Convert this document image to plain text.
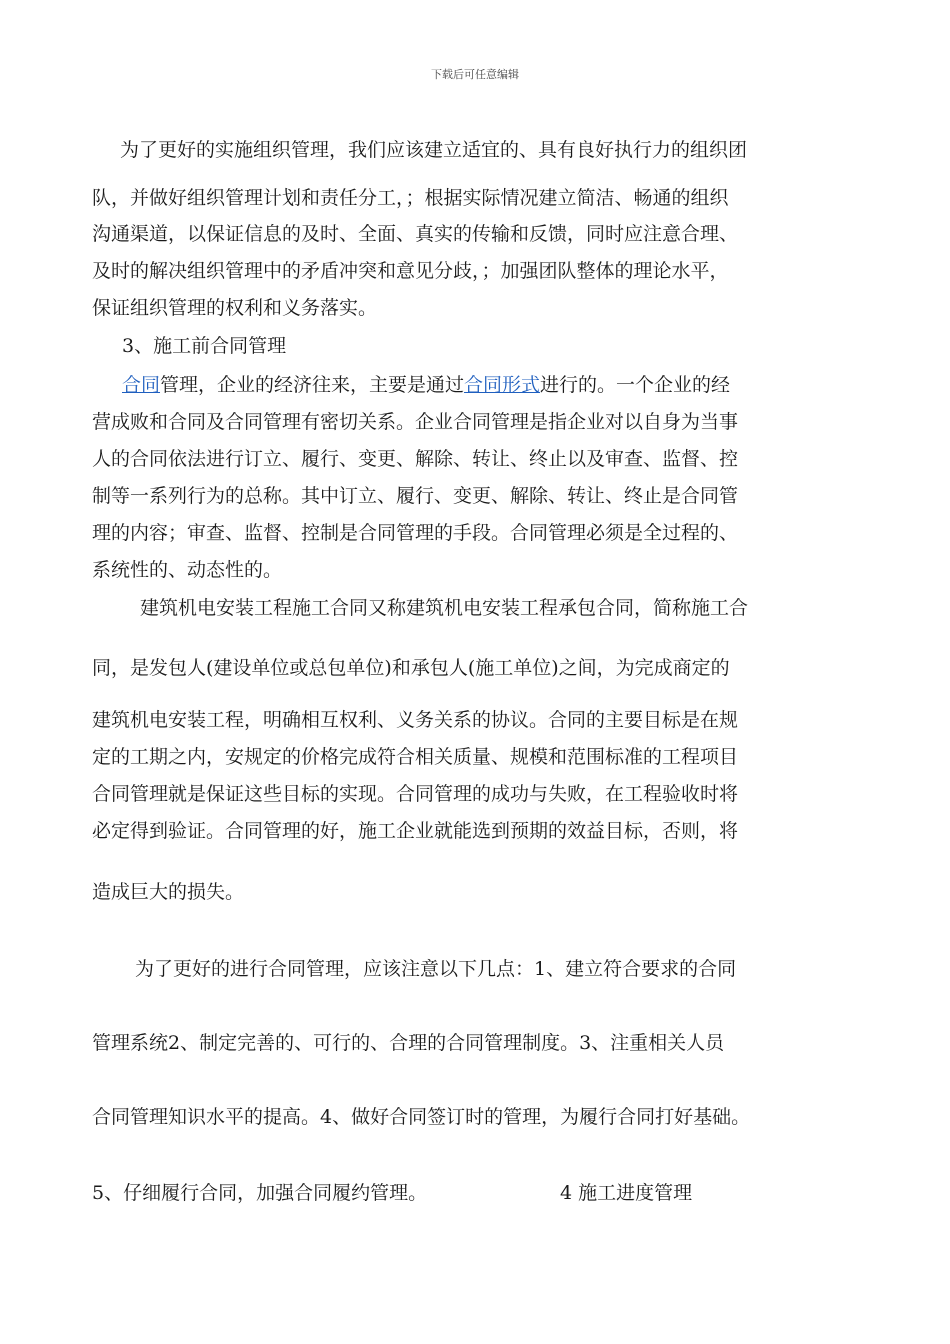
下载后可任意编辑
为了更好的实施组织管理，我们应该建立适宜的、具有良好执行力的组织团
队，并做好组织管理计划和责任分工，；根据实际情况建立简洁、畅通的组织
沟通渠道，以保证信息的及时、全面、真实的传输和反馈，同时应注意合理、
及时的解决组织管理中的矛盾冲突和意见分歧，；加强团队整体的理论水平，
保证组织管理的权利和义务落实。
3、施工前合同管理
合同管理，企业的经济往来，主要是通过合同形式进行的。一个企业的经
营成败和合同及合同管理有密切关系。企业合同管理是指企业对以自身为当事
人的合同依法进行订立、履行、变更、解除、转让、终止以及审查、监督、控
制等一系列行为的总称。其中订立、履行、变更、解除、转让、终止是合同管
理的内容；审查、监督、控制是合同管理的手段。合同管理必须是全过程的、
系统性的、动态性的。
建筑机电安装工程施工合同又称建筑机电安装工程承包合同，简称施工合
同，是发包人(建设单位或总包单位)和承包人(施工单位)之间，为完成商定的
建筑机电安装工程，明确相互权利、义务关系的协议。合同的主要目标是在规
定的工期之内，安规定的价格完成符合相关质量、规模和范围标准的工程项目
合同管理就是保证这些目标的实现。合同管理的成功与失败，在工程验收时将
必定得到验证。合同管理的好，施工企业就能选到预期的效益目标，否则，将
造成巨大的损失。
为了更好的进行合同管理，应该注意以下几点：1、建立符合要求的合同
管理系统2、制定完善的、可行的、合理的合同管理制度。3、注重相关人员
合同管理知识水平的提高。4、做好合同签订时的管理，为履行合同打好基础。
5、仔细履行合同，加强合同履约管理。	4 施工进度管理
